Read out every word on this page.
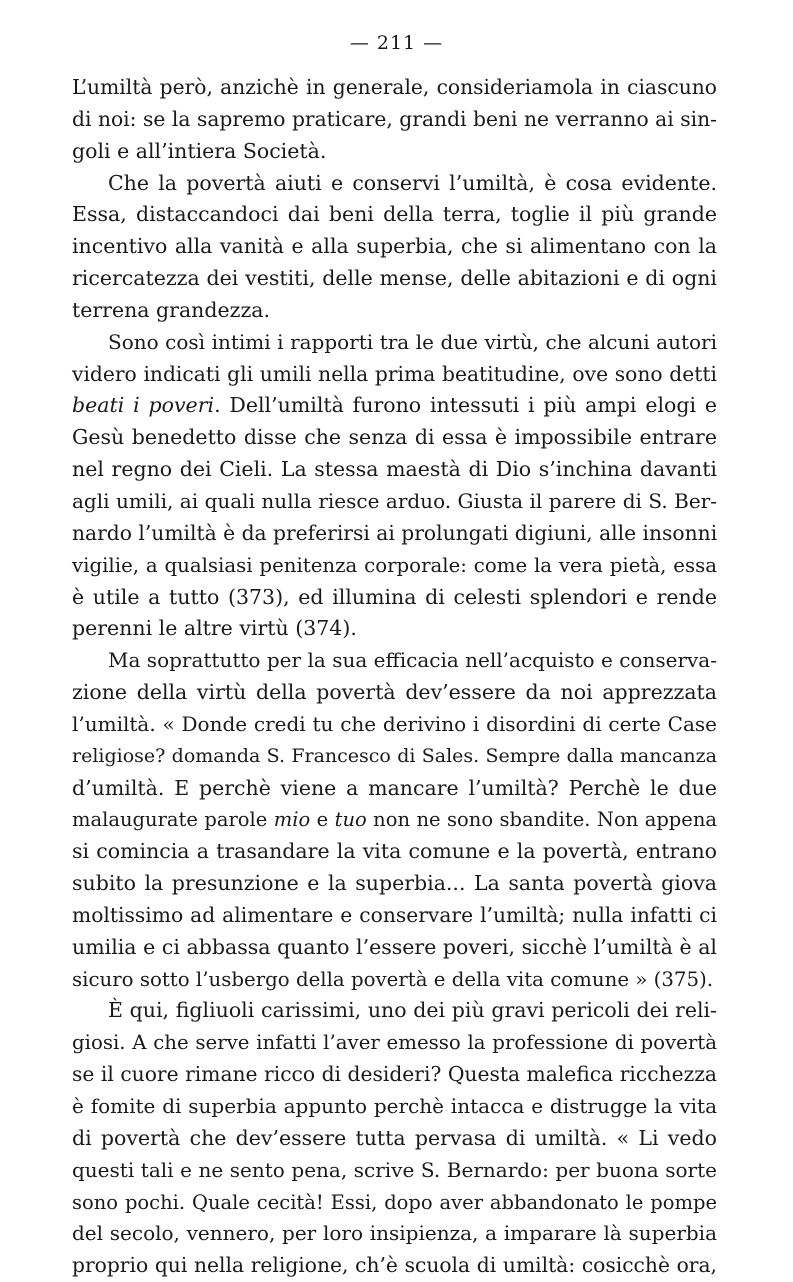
— 211 —
L’umiltà però, anzichè in generale, consideriamola in ciascuno
di noi: se la sapremo praticare, grandi beni ne verranno ai sin-
goli e all’intiera Società.
Che la povertà aiuti e conservi l’umiltà, è cosa evidente.
Essa, distaccandoci dai beni della terra, toglie il più grande
incentivo alla vanità e alla superbia, che si alimentano con la
ricercatezza dei vestiti, delle mense, delle abitazioni e di ogni
terrena grandezza.
Sono così intimi i rapporti tra le due virtù, che alcuni autori
videro indicati gli umili nella prima beatitudine, ove sono detti
beati i poveri. Dell’umiltà furono intessuti i più ampi elogi e
Gesù benedetto disse che senza di essa è impossibile entrare
nel regno dei Cieli. La stessa maestà di Dio s’inchina davanti
agli umili, ai quali nulla riesce arduo. Giusta il parere di S. Ber-
nardo l’umiltà è da preferirsi ai prolungati digiuni, alle insonni
vigilie, a qualsiasi penitenza corporale: come la vera pietà, essa
è utile a tutto (373), ed illumina di celesti splendori e rende
perenni le altre virtù (374).
Ma soprattutto per la sua efficacia nell’acquisto e conserva-
zione della virtù della povertà dev’essere da noi apprezzata
l’umiltà. « Donde credi tu che derivino i disordini di certe Case
religiose? domanda S. Francesco di Sales. Sempre dalla mancanza
d’umiltà. E perchè viene a mancare l’umiltà? Perchè le due
malaugurate parole mio e tuo non ne sono sbandite. Non appena
si comincia a trasandare la vita comune e la povertà, entrano
subito la presunzione e la superbia... La santa povertà giova
moltissimo ad alimentare e conservare l’umiltà; nulla infatti ci
umilia e ci abbassa quanto l’essere poveri, sicchè l’umiltà è al
sicuro sotto l’usbergo della povertà e della vita comune » (375).
È qui, figliuoli carissimi, uno dei più gravi pericoli dei reli-
giosi. A che serve infatti l’aver emesso la professione di povertà
se il cuore rimane ricco di desideri? Questa malefica ricchezza
è fomite di superbia appunto perchè intacca e distrugge la vita
di povertà che dev’essere tutta pervasa di umiltà. « Li vedo
questi tali e ne sento pena, scrive S. Bernardo: per buona sorte
sono pochi. Quale cecità! Essi, dopo aver abbandonato le pompe
del secolo, vennero, per loro insipienza, a imparare là superbia
proprio qui nella religione, ch’è scuola di umiltà: cosicchè ora,
